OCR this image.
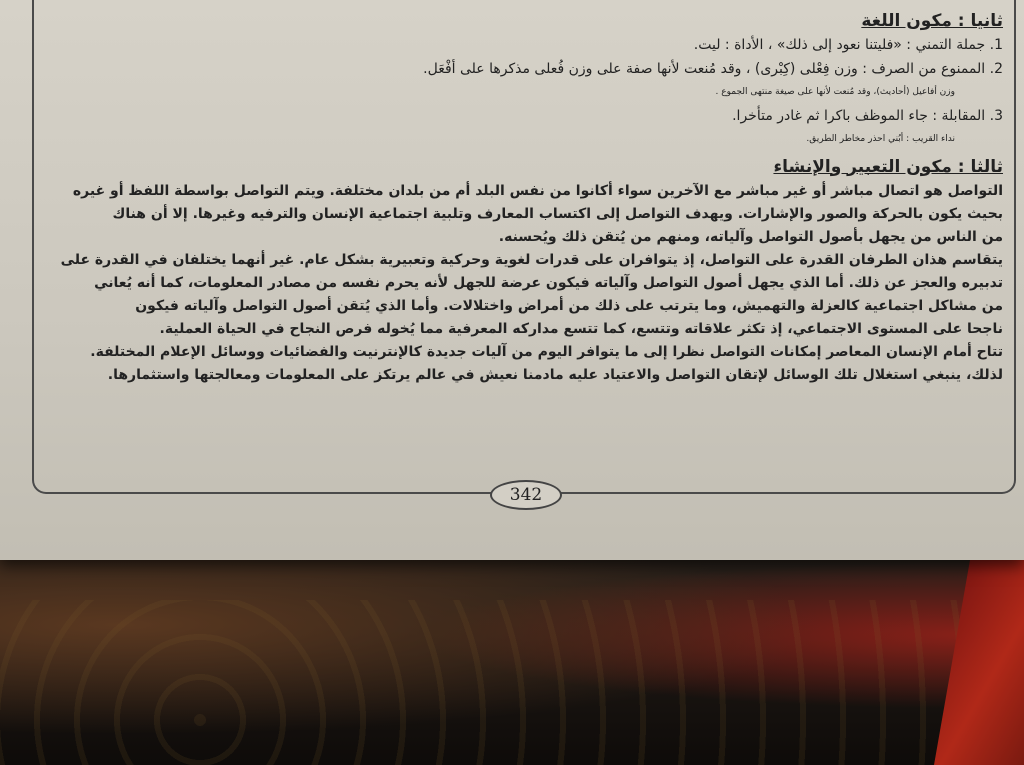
ثانيا : مكون اللغة

1. جملة التمني : «فليتنا نعود إلى ذلك» ، الأداة : ليت.

2. الممنوع من الصرف : وزن فِعْلى (كِبْرى) ، وقد مُنعت لأنها صفة على وزن فُعلى مذكرها على أفْعَل.

وزن أفاعيل (أحاديث)، وقد مُنعت لأنها على صيغة منتهى الجموع .

3. المقابلة : جاء الموظف باكرا ثم غادر متأخرا.

نداء القريب : أبُني احذر مخاطر الطريق.

ثالثا : مكون التعبير والإنشاء

التواصل هو اتصال مباشر أو غير مباشر مع الآخرين سواء أكانوا من نفس البلد أم من بلدان مختلفة. ويتم التواصل بواسطة اللفظ أو غيره

بحيث يكون بالحركة والصور والإشارات. ويهدف التواصل إلى اكتساب المعارف وتلبية اجتماعية الإنسان والترفيه وغيرها. إلا أن هناك

من الناس من يجهل بأصول التواصل وآلياته، ومنهم من يُتقن ذلك ويُحسنه.

يتقاسم هذان الطرفان القدرة على التواصل، إذ يتوافران على قدرات لغوية وحركية وتعبيرية بشكل عام. غير أنهما يختلفان في القدرة على

تدبيره والعجز عن ذلك. أما الذي يجهل أصول التواصل وآلياته فيكون عرضة للجهل لأنه يحرم نفسه من مصادر المعلومات، كما أنه يُعاني

من مشاكل اجتماعية كالعزلة والتهميش، وما يترتب على ذلك من أمراض واختلالات. وأما الذي يُتقن أصول التواصل وآلياته فيكون

ناجحا على المستوى الاجتماعي، إذ تكثر علاقاته وتتسع، كما تتسع مداركه المعرفية مما يُخوله فرص النجاح في الحياة العملية.

تتاح أمام الإنسان المعاصر إمكانات التواصل نظرا إلى ما يتوافر اليوم من آليات جديدة كالإنترنيت والفضائيات ووسائل الإعلام المختلفة.

لذلك، ينبغي استغلال تلك الوسائل لإتقان التواصل والاعتياد عليه مادمنا نعيش في عالم يرتكز على المعلومات ومعالجتها واستثمارها.

342
